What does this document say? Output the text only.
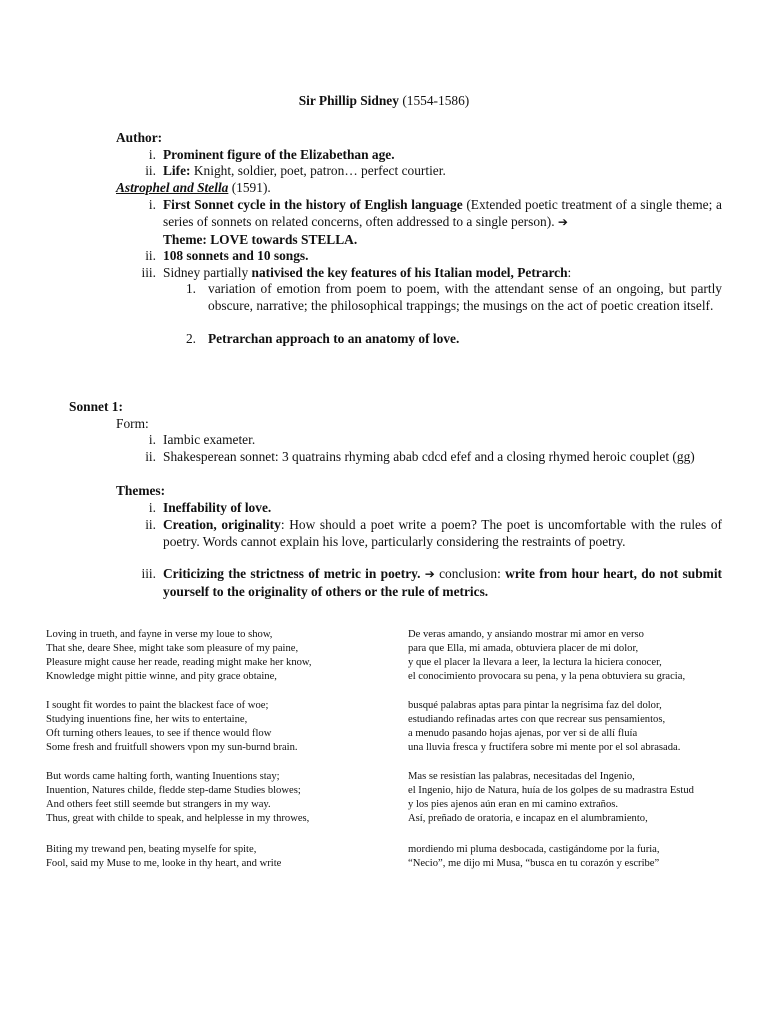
Sir Phillip Sidney (1554-1586)
Author:
i. Prominent figure of the Elizabethan age.
ii. Life: Knight, soldier, poet, patron… perfect courtier.
Astrophel and Stella (1591).
i. First Sonnet cycle in the history of English language (Extended poetic treatment of a single theme; a series of sonnets on related concerns, often addressed to a single person). ➔
Theme: LOVE towards STELLA.
ii. 108 sonnets and 10 songs.
iii. Sidney partially nativised the key features of his Italian model, Petrarch:
1. variation of emotion from poem to poem, with the attendant sense of an ongoing, but partly obscure, narrative; the philosophical trappings; the musings on the act of poetic creation itself.
2. Petrarchan approach to an anatomy of love.
Sonnet 1:
Form:
i. Iambic exameter.
ii. Shakesperean sonnet: 3 quatrains rhyming abab cdcd efef and a closing rhymed heroic couplet (gg)
Themes:
i. Ineffability of love.
ii. Creation, originality: How should a poet write a poem? The poet is uncomfortable with the rules of poetry. Words cannot explain his love, particularly considering the restraints of poetry.
iii. Criticizing the strictness of metric in poetry. ➔ conclusion: write from hour heart, do not submit yourself to the originality of others or the rule of metrics.
Loving in trueth, and fayne in verse my loue to show,
That she, deare Shee, might take som pleasure of my paine,
Pleasure might cause her reade, reading might make her know,
Knowledge might pittie winne, and pity grace obtaine,
I sought fit wordes to paint the blackest face of woe;
Studying inuentions fine, her wits to entertaine,
Oft turning others leaues, to see if thence would flow
Some fresh and fruitfull showers vpon my sun-burnd brain.
But words came halting forth, wanting Inuentions stay;
Inuention, Natures childe, fledde step-dame Studies blowes;
And others feet still seemde but strangers in my way.
Thus, great with childe to speak, and helplesse in my throwes,
Biting my trewand pen, beating myselfe for spite,
Fool, said my Muse to me, looke in thy heart, and write
De veras amando, y ansiando mostrar mi amor en verso
para que Ella, mi amada, obtuviera placer de mi dolor,
y que el placer la llevara a leer, la lectura la hiciera conocer,
el conocimiento provocara su pena, y la pena obtuviera su gracia,
busqué palabras aptas para pintar la negrísima faz del dolor,
estudiando refinadas artes con que recrear sus pensamientos,
a menudo pasando hojas ajenas, por ver si de allí fluía
una lluvia fresca y fructífera sobre mi mente por el sol abrasada.
Mas se resistían las palabras, necesitadas del Ingenio,
el Ingenio, hijo de Natura, huía de los golpes de su madrastra Estud
y los pies ajenos aún eran en mi camino extraños.
Así, preñado de oratoria, e incapaz en el alumbramiento,
mordiendo mi pluma desbocada, castigándome por la furia,
“Necio”, me dijo mi Musa, “busca en tu corazón y escribe”
